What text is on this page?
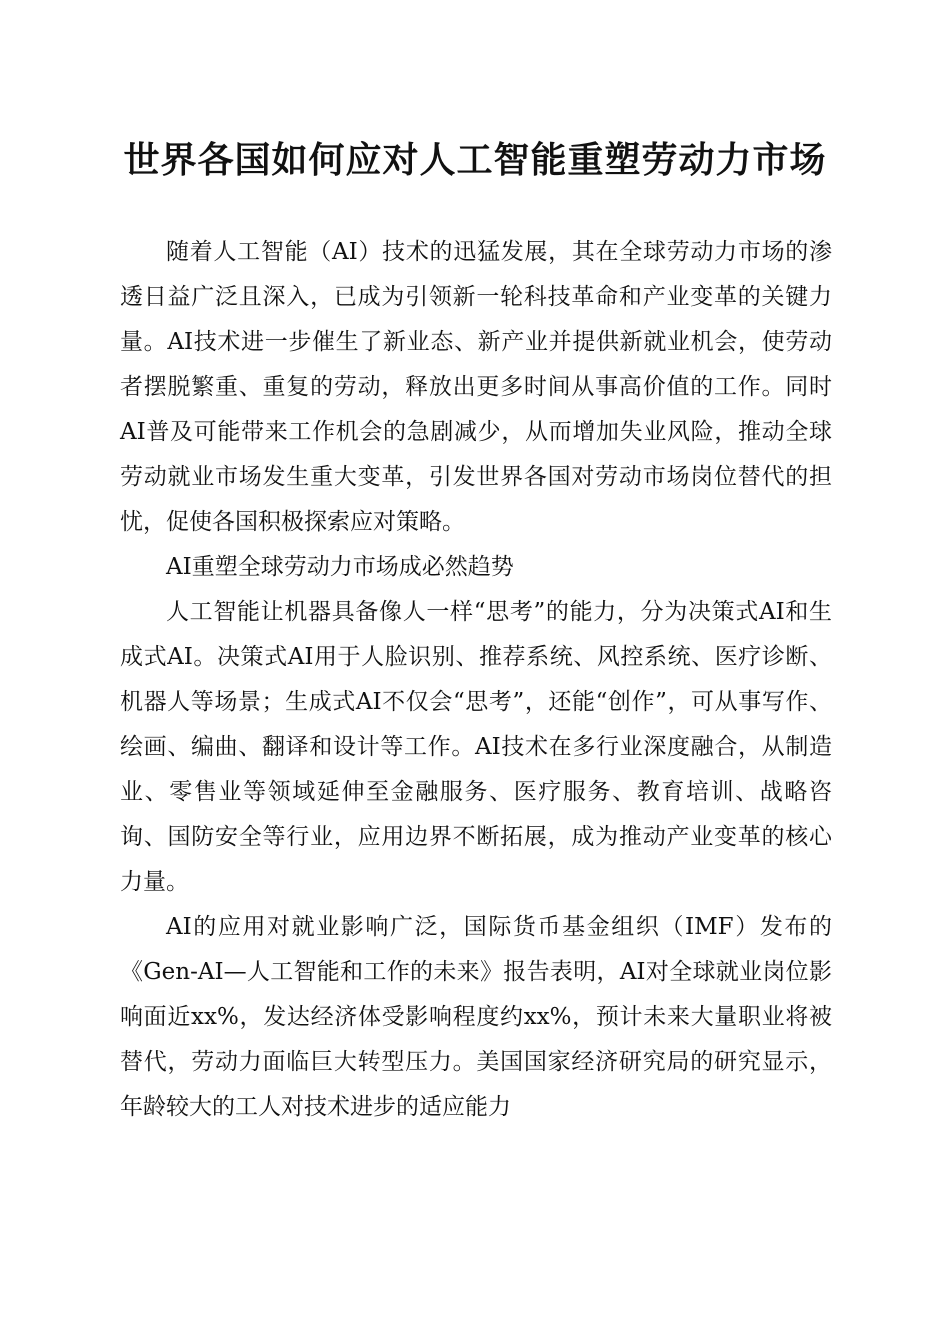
世界各国如何应对人工智能重塑劳动力市场

随着人工智能（AI）技术的迅猛发展，其在全球劳动力市场的渗透日益广泛且深入，已成为引领新一轮科技革命和产业变革的关键力量。AI技术进一步催生了新业态、新产业并提供新就业机会，使劳动者摆脱繁重、重复的劳动，释放出更多时间从事高价值的工作。同时AI普及可能带来工作机会的急剧减少，从而增加失业风险，推动全球劳动就业市场发生重大变革，引发世界各国对劳动市场岗位替代的担忧，促使各国积极探索应对策略。

AI重塑全球劳动力市场成必然趋势

人工智能让机器具备像人一样“思考”的能力，分为决策式AI和生成式AI。决策式AI用于人脸识别、推荐系统、风控系统、医疗诊断、机器人等场景；生成式AI不仅会“思考”，还能“创作”，可从事写作、绘画、编曲、翻译和设计等工作。AI技术在多行业深度融合，从制造业、零售业等领域延伸至金融服务、医疗服务、教育培训、战略咨询、国防安全等行业，应用边界不断拓展，成为推动产业变革的核心力量。

AI的应用对就业影响广泛，国际货币基金组织（IMF）发布的《Gen-AI—人工智能和工作的未来》报告表明，AI对全球就业岗位影响面近xx%，发达经济体受影响程度约xx%，预计未来大量职业将被替代，劳动力面临巨大转型压力。美国国家经济研究局的研究显示，年龄较大的工人对技术进步的适应能力
